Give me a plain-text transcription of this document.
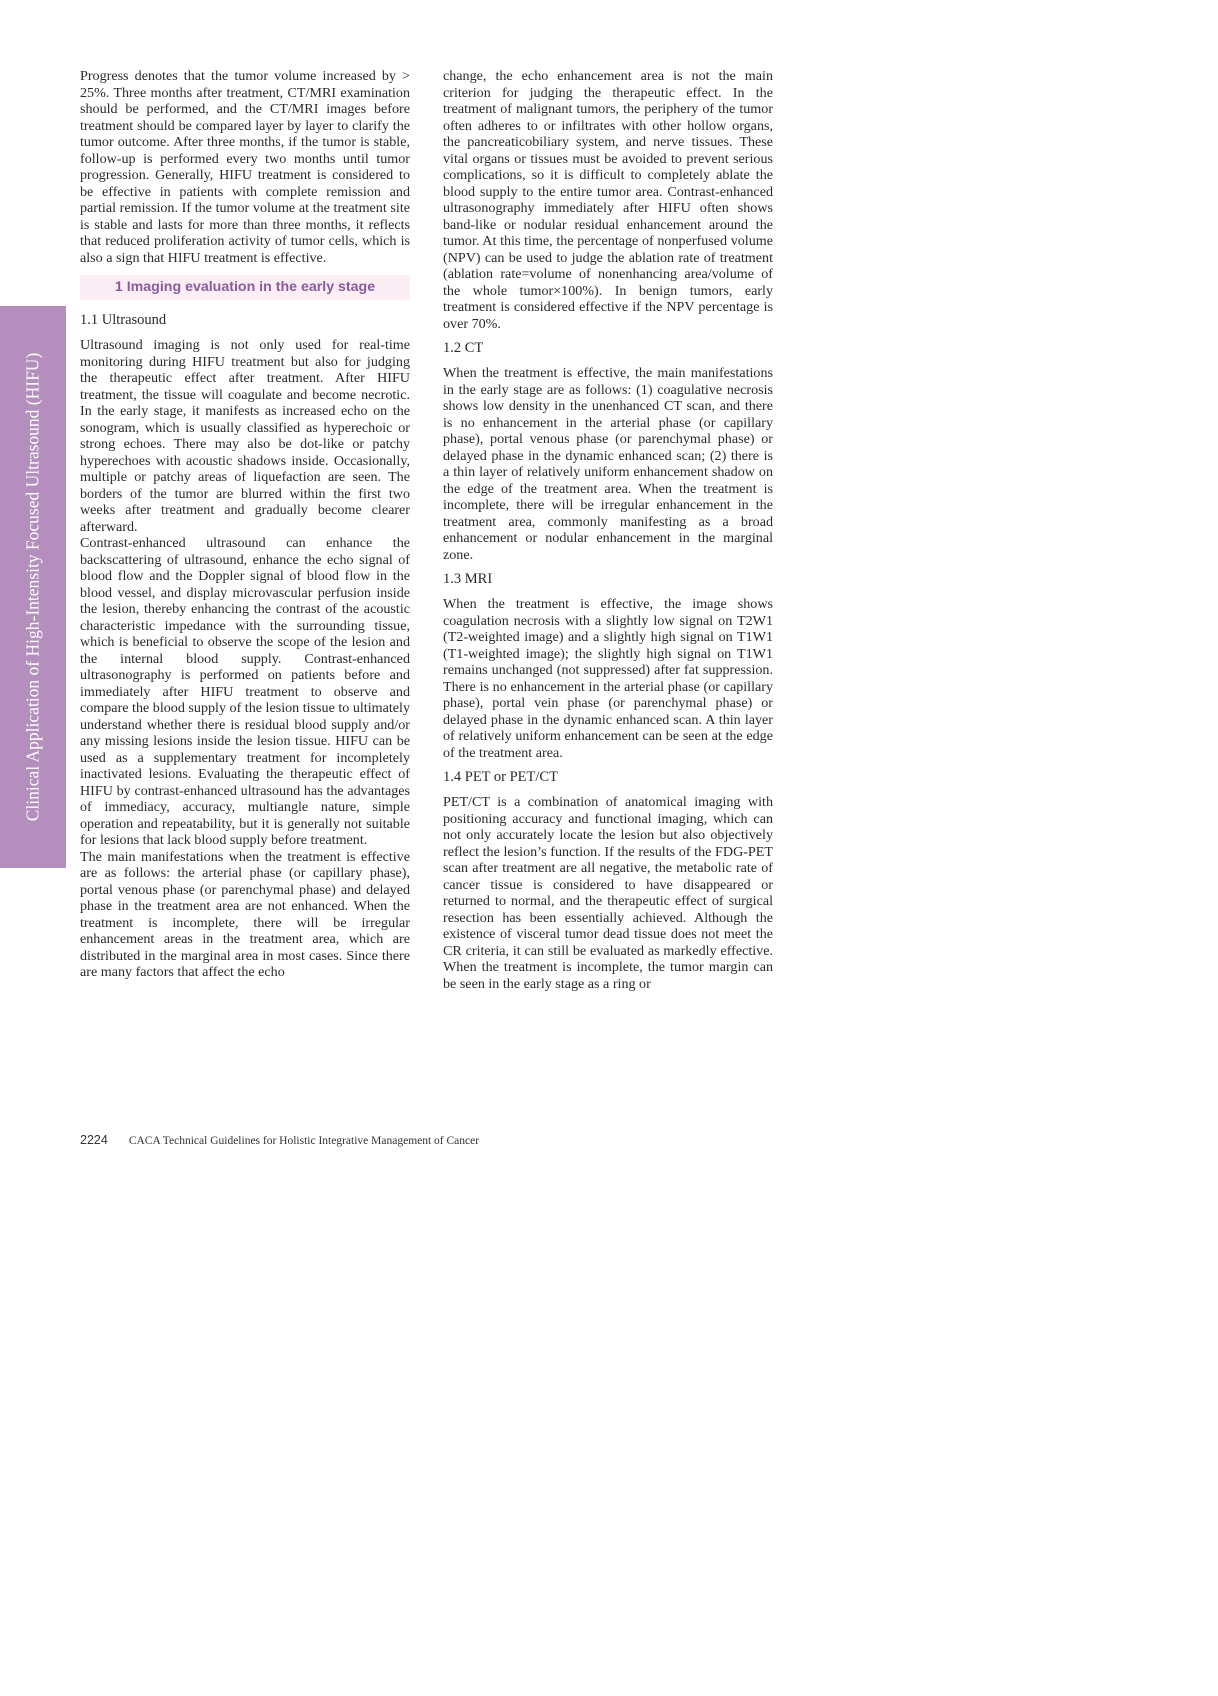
Clinical Application of High-Intensity Focused Ultrasound (HIFU)

Progress denotes that the tumor volume increased by > 25%. Three months after treatment, CT/MRI examination should be performed, and the CT/MRI images before treatment should be compared layer by layer to clarify the tumor outcome. After three months, if the tumor is stable, follow-up is performed every two months until tumor progression. Generally, HIFU treatment is considered to be effective in patients with complete remission and partial remission. If the tumor volume at the treatment site is stable and lasts for more than three months, it reflects that reduced proliferation activity of tumor cells, which is also a sign that HIFU treatment is effective.

1 Imaging evaluation in the early stage
1.1 Ultrasound

Ultrasound imaging is not only used for real-time monitoring during HIFU treatment but also for judging the therapeutic effect after treatment. After HIFU treatment, the tissue will coagulate and become necrotic. In the early stage, it manifests as increased echo on the sonogram, which is usually classified as hyperechoic or strong echoes. There may also be dot-like or patchy hyperechoes with acoustic shadows inside. Occasionally, multiple or patchy areas of liquefaction are seen. The borders of the tumor are blurred within the first two weeks after treatment and gradually become clearer afterward.

Contrast-enhanced ultrasound can enhance the backscattering of ultrasound, enhance the echo signal of blood flow and the Doppler signal of blood flow in the blood vessel, and display microvascular perfusion inside the lesion, thereby enhancing the contrast of the acoustic characteristic impedance with the surrounding tissue, which is beneficial to observe the scope of the lesion and the internal blood supply. Contrast-enhanced ultrasonography is performed on patients before and immediately after HIFU treatment to observe and compare the blood supply of the lesion tissue to ultimately understand whether there is residual blood supply and/or any missing lesions inside the lesion tissue. HIFU can be used as a supplementary treatment for incompletely inactivated lesions. Evaluating the therapeutic effect of HIFU by contrast-enhanced ultrasound has the advantages of immediacy, accuracy, multiangle nature, simple operation and repeatability, but it is generally not suitable for lesions that lack blood supply before treatment.

The main manifestations when the treatment is effective are as follows: the arterial phase (or capillary phase), portal venous phase (or parenchymal phase) and delayed phase in the treatment area are not enhanced. When the treatment is incomplete, there will be irregular enhancement areas in the treatment area, which are distributed in the marginal area in most cases. Since there are many factors that affect the echo

change, the echo enhancement area is not the main criterion for judging the therapeutic effect. In the treatment of malignant tumors, the periphery of the tumor often adheres to or infiltrates with other hollow organs, the pancreaticobiliary system, and nerve tissues. These vital organs or tissues must be avoided to prevent serious complications, so it is difficult to completely ablate the blood supply to the entire tumor area. Contrast-enhanced ultrasonography immediately after HIFU often shows band-like or nodular residual enhancement around the tumor. At this time, the percentage of nonperfused volume (NPV) can be used to judge the ablation rate of treatment (ablation rate=volume of nonenhancing area/volume of the whole tumor×100%). In benign tumors, early treatment is considered effective if the NPV percentage is over 70%.

1.2 CT

When the treatment is effective, the main manifestations in the early stage are as follows: (1) coagulative necrosis shows low density in the unenhanced CT scan, and there is no enhancement in the arterial phase (or capillary phase), portal venous phase (or parenchymal phase) or delayed phase in the dynamic enhanced scan; (2) there is a thin layer of relatively uniform enhancement shadow on the edge of the treatment area. When the treatment is incomplete, there will be irregular enhancement in the treatment area, commonly manifesting as a broad enhancement or nodular enhancement in the marginal zone.

1.3 MRI

When the treatment is effective, the image shows coagulation necrosis with a slightly low signal on T2W1 (T2-weighted image) and a slightly high signal on T1W1 (T1-weighted image); the slightly high signal on T1W1 remains unchanged (not suppressed) after fat suppression. There is no enhancement in the arterial phase (or capillary phase), portal vein phase (or parenchymal phase) or delayed phase in the dynamic enhanced scan. A thin layer of relatively uniform enhancement can be seen at the edge of the treatment area.

1.4 PET or PET/CT

PET/CT is a combination of anatomical imaging with positioning accuracy and functional imaging, which can not only accurately locate the lesion but also objectively reflect the lesion’s function. If the results of the FDG-PET scan after treatment are all negative, the metabolic rate of cancer tissue is considered to have disappeared or returned to normal, and the therapeutic effect of surgical resection has been essentially achieved. Although the existence of visceral tumor dead tissue does not meet the CR criteria, it can still be evaluated as markedly effective. When the treatment is incomplete, the tumor margin can be seen in the early stage as a ring or

2224 CACA Technical Guidelines for Holistic Integrative Management of Cancer
